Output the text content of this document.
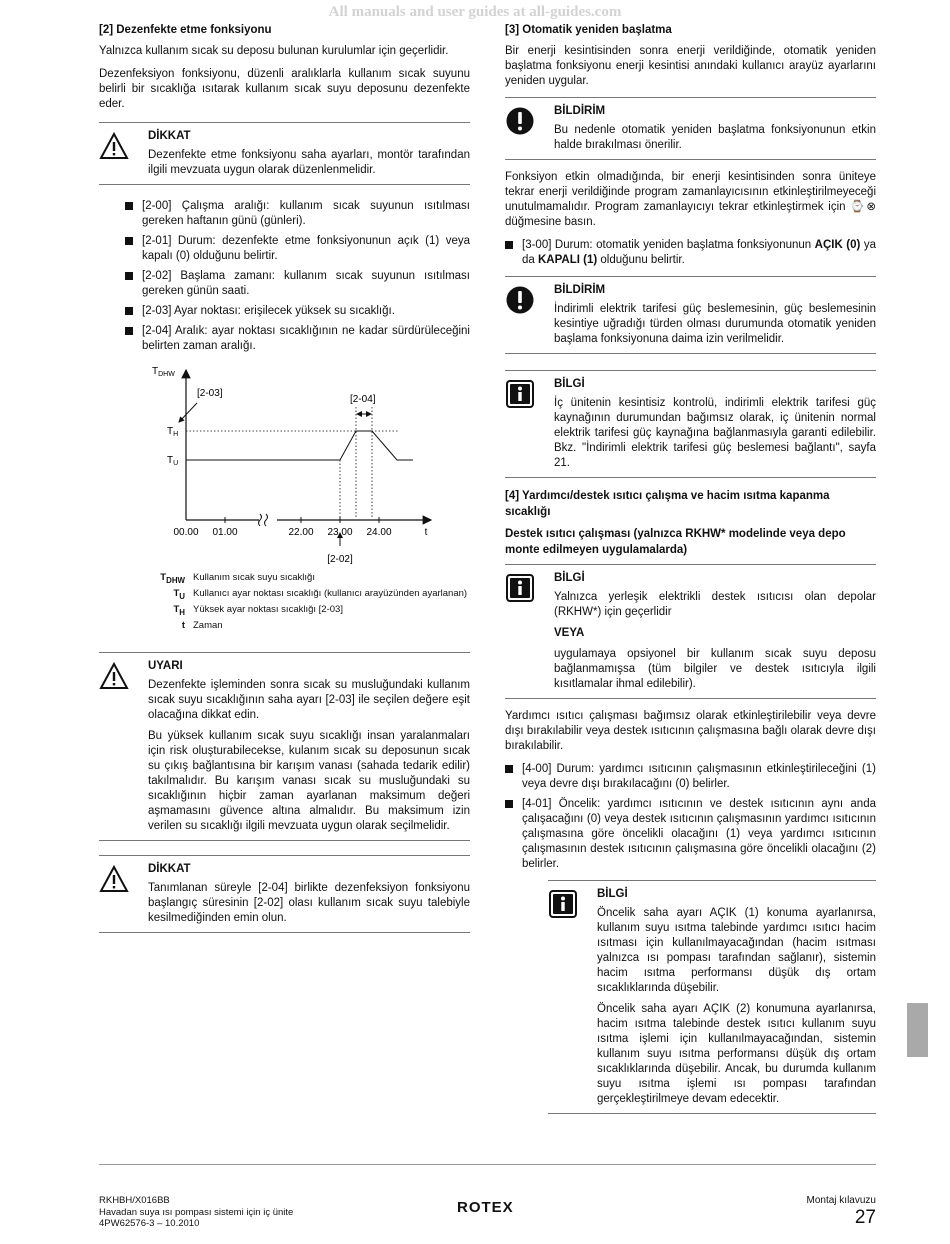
All manuals and user guides at all-guides.com
[2] Dezenfekte etme fonksiyonu

Yalnızca kullanım sıcak su deposu bulunan kurulumlar için geçerlidir.

Dezenfeksiyon fonksiyonu, düzenli aralıklarla kullanım sıcak suyunu belirli bir sıcaklığa ısıtarak kullanım sıcak suyu deposunu dezenfekte eder.

DİKKAT

Dezenfekte etme fonksiyonu saha ayarları, montör tarafından ilgili mevzuata uygun olarak düzenlenmelidir.

[2-00] Çalışma aralığı: kullanım sıcak suyunun ısıtılması gereken haftanın günü (günleri).
[2-01] Durum: dezenfekte etme fonksiyonunun açık (1) veya kapalı (0) olduğunu belirtir.
[2-02] Başlama zamanı: kullanım sıcak suyunun ısıtılması gereken günün saati.
[2-03] Ayar noktası: erişilecek yüksek su sıcaklığı.
[2-04] Aralık: ayar noktası sıcaklığının ne kadar sürdürüleceğini belirten zaman aralığı.
$T_{DHW}$
[2-03]
[2-04]
$T_H$
$T_U$
00.00 01.00	22.00 23.00 24.00	t
[2-02]
$T_{DHW}$	Kullanım sıcak suyu sıcaklığı
$T_U$	Kullanıcı ayar noktası sıcaklığı (kullanıcı arayüzünden ayarlanan)
$T_H$	Yüksek ayar noktası sıcaklığı [2-03]
t	Zaman
UYARI

Dezenfekte işleminden sonra sıcak su musluğundaki kullanım sıcak suyu sıcaklığının saha ayarı [2-03] ile seçilen değere eşit olacağına dikkat edin.

Bu yüksek kullanım sıcak suyu sıcaklığı insan yaralanmaları için risk oluşturabilecekse, kulanım sıcak su deposunun sıcak su çıkış bağlantısına bir karışım vanası (sahada tedarik edilir) takılmalıdır. Bu karışım vanası sıcak su musluğundaki su sıcaklığının hiçbir zaman ayarlanan maksimum değeri aşmamasını güvence altına almalıdır. Bu maksimum izin verilen su sıcaklığı ilgili mevzuata uygun olarak seçilmelidir.

DİKKAT

Tanımlanan süreyle [2-04] birlikte dezenfeksiyon fonksiyonu başlangıç süresinin [2-02] olası kullanım sıcak suyu talebiyle kesilmediğinden emin olun.

[3] Otomatik yeniden başlatma

Bir enerji kesintisinden sonra enerji verildiğinde, otomatik yeniden başlatma fonksiyonu enerji kesintisi anındaki kullanıcı arayüz ayarlarını yeniden uygular.

BİLDİRİM

Bu nedenle otomatik yeniden başlatma fonksiyonunun etkin halde bırakılması önerilir.

Fonksiyon etkin olmadığında, bir enerji kesintisinden sonra üniteye tekrar enerji verildiğinde program zamanlayıcısının etkinleştirilmeyeceği unutulmamalıdır. Program zamanlayıcıyı tekrar etkinleştirmek için ⌚⊗ düğmesine basın.

[3-00] Durum: otomatik yeniden başlatma fonksiyonunun AÇIK (0) ya da KAPALI (1) olduğunu belirtir.
BİLDİRİM

İndirimli elektrik tarifesi güç beslemesinin, güç beslemesinin kesintiye uğradığı türden olması durumunda otomatik yeniden başlama fonksiyonuna daima izin verilmelidir.

BİLGİ

İç ünitenin kesintisiz kontrolü, indirimli elektrik tarifesi güç kaynağının durumundan bağımsız olarak, iç ünitenin normal elektrik tarifesi güç kaynağına bağlanmasıyla garanti edilebilir. Bkz. "İndirimli elektrik tarifesi güç beslemesi bağlantı", sayfa 21.

[4] Yardımcı/destek ısıtıcı çalışma ve hacim ısıtma kapanma sıcaklığı
Destek ısıtıcı çalışması (yalnızca RKHW* modelinde veya depo monte edilmeyen uygulamalarda)
BİLGİ

Yalnızca yerleşik elektrikli destek ısıtıcısı olan depolar (RKHW*) için geçerlidir

VEYA

uygulamaya opsiyonel bir kullanım sıcak suyu deposu bağlanmamışsa (tüm bilgiler ve destek ısıtıcıyla ilgili kısıtlamalar ihmal edilebilir).

Yardımcı ısıtıcı çalışması bağımsız olarak etkinleştirilebilir veya devre dışı bırakılabilir veya destek ısıtıcının çalışmasına bağlı olarak devre dışı bırakılabilir.

[4-00] Durum: yardımcı ısıtıcının çalışmasının etkinleştirileceğini (1) veya devre dışı bırakılacağını (0) belirler.
[4-01] Öncelik: yardımcı ısıtıcının ve destek ısıtıcının aynı anda çalışacağını (0) veya destek ısıtıcının çalışmasının yardımcı ısıtıcının çalışmasına göre öncelikli olacağını (1) veya yardımcı ısıtıcının çalışmasının destek ısıtıcının çalışmasına göre öncelikli olacağını (2) belirler.
BİLGİ

Öncelik saha ayarı AÇIK (1) konuma ayarlanırsa, kullanım suyu ısıtma talebinde yardımcı ısıtıcı hacim ısıtması için kullanılmayacağından (hacim ısıtması yalnızca ısı pompası tarafından sağlanır), sistemin hacim ısıtma performansı düşük dış ortam sıcaklıklarında düşebilir.

Öncelik saha ayarı AÇIK (2) konumuna ayarlanırsa, hacim ısıtma talebinde destek ısıtıcı kullanım suyu ısıtma işlemi için kullanılmayacağından, sistemin kullanım suyu ısıtma performansı düşük dış ortam sıcaklıklarında düşebilir. Ancak, bu durumda kullanım suyu ısıtma işlemi ısı pompası tarafından gerçekleştirilmeye devam edecektir.

RKHBH/X016BB
Havadan suya ısı pompası sistemi için iç ünite
4PW62576-3 – 10.2010
ROTEX	Montaj kılavuzu
27
